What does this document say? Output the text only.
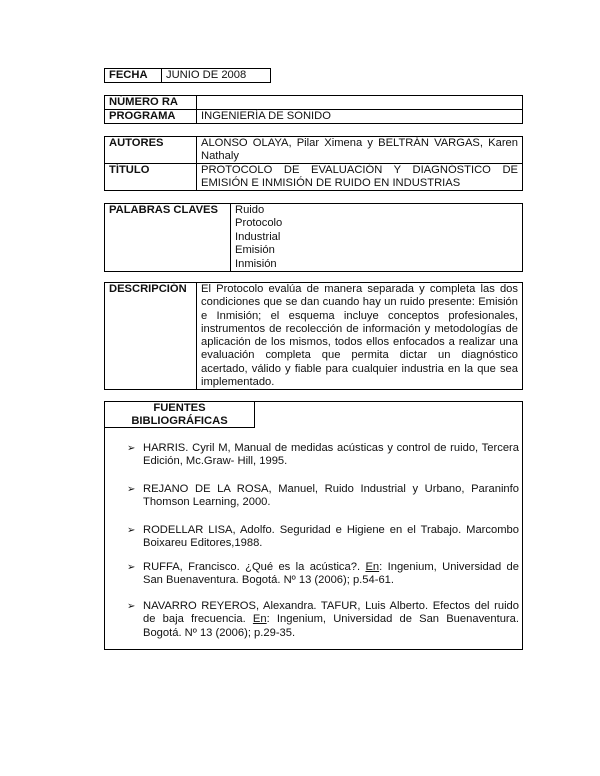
FECHA	JUNIO DE 2008
NÚMERO RA	
PROGRAMA	INGENIERÍA DE SONIDO
AUTORES	ALONSO OLAYA, Pilar Ximena y BELTRÁN VARGAS, Karen Nathaly
TÍTULO	PROTOCOLO DE EVALUACIÓN Y DIAGNÓSTICO DE EMISIÓN E INMISIÓN DE RUIDO EN INDUSTRIAS
PALABRAS CLAVES	Ruido
Protocolo
Industrial
Emisión
Inmisión
DESCRIPCIÓN	El Protocolo evalúa de manera separada y completa las dos condiciones que se dan cuando hay un ruido presente: Emisión e Inmisión; el esquema incluye conceptos profesionales, instrumentos de recolección de información y metodologías de aplicación de los mismos, todos ellos enfocados a realizar una evaluación completa que permita dictar un diagnóstico acertado, válido y fiable para cualquier industria en la que sea implementado.
FUENTES
BIBLIOGRÁFICAS
➢ HARRIS. Cyril M, Manual de medidas acústicas y control de ruido, Tercera Edición, Mc.Graw- Hill, 1995.
➢ REJANO DE LA ROSA, Manuel, Ruido Industrial y Urbano, Paraninfo Thomson Learning, 2000.
➢ RODELLAR LISA, Adolfo. Seguridad e Higiene en el Trabajo. Marcombo Boixareu Editores,1988.
➢ RUFFA, Francisco. ¿Qué es la acústica?. En: Ingenium, Universidad de San Buenaventura. Bogotá. Nº 13 (2006); p.54-61.
➢ NAVARRO REYEROS, Alexandra. TAFUR, Luis Alberto. Efectos del ruido de baja frecuencia. En: Ingenium, Universidad de San Buenaventura. Bogotá. Nº 13 (2006); p.29-35.
